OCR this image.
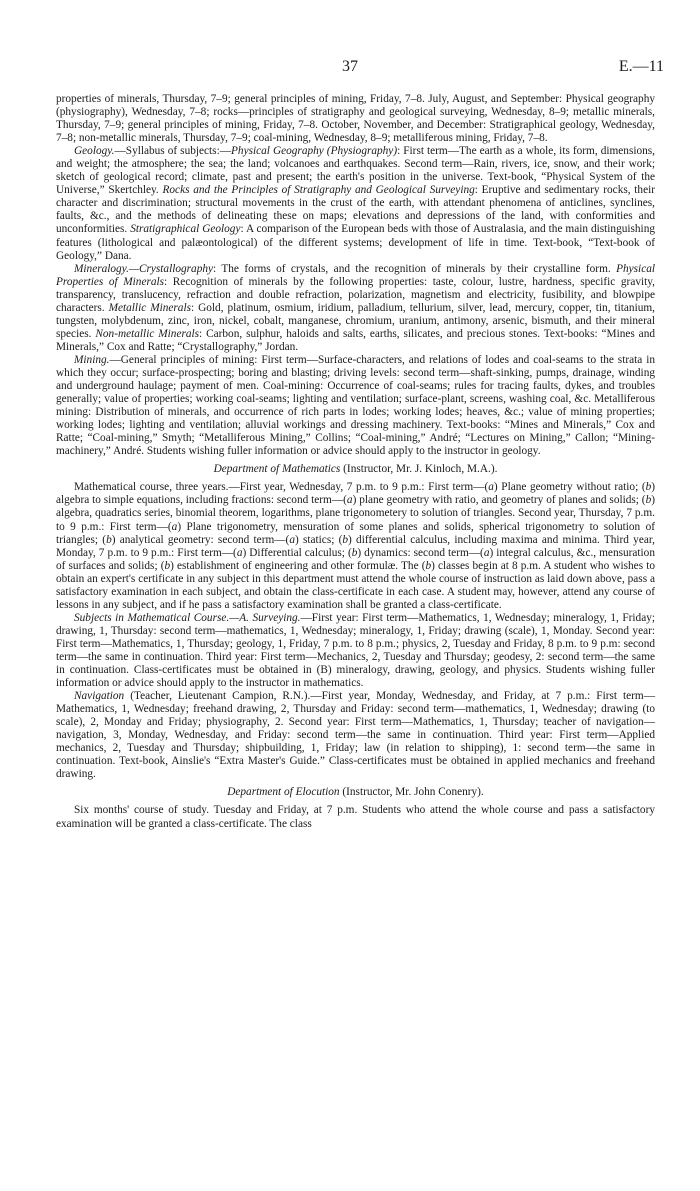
37	E.—11

properties of minerals, Thursday, 7–9; general principles of mining, Friday, 7–8. July, August, and September: Physical geography (physiography), Wednesday, 7–8; rocks—principles of stratigraphy and geological surveying, Wednesday, 8–9; metallic minerals, Thursday, 7–9; general principles of mining, Friday, 7–8. October, November, and December: Stratigraphical geology, Wednesday, 7–8; non-metallic minerals, Thursday, 7–9; coal-mining, Wednesday, 8–9; metalliferous mining, Friday, 7–8.

Geology.—Syllabus of subjects:—Physical Geography (Physiography): First term—The earth as a whole, its form, dimensions, and weight; the atmosphere; the sea; the land; volcanoes and earthquakes. Second term—Rain, rivers, ice, snow, and their work; sketch of geological record; climate, past and present; the earth's position in the universe. Text-book, “Physical System of the Universe,” Skertchley. Rocks and the Principles of Stratigraphy and Geological Surveying: Eruptive and sedimentary rocks, their character and discrimination; structural movements in the crust of the earth, with attendant phenomena of anticlines, synclines, faults, &c., and the methods of delineating these on maps; elevations and depressions of the land, with conformities and unconformities. Stratigraphical Geology: A comparison of the European beds with those of Australasia, and the main distinguishing features (lithological and palæontological) of the different systems; development of life in time. Text-book, “Text-book of Geology,” Dana.

Mineralogy.—Crystallography: The forms of crystals, and the recognition of minerals by their crystalline form. Physical Properties of Minerals: Recognition of minerals by the following properties: taste, colour, lustre, hardness, specific gravity, transparency, translucency, refraction and double refraction, polarization, magnetism and electricity, fusibility, and blowpipe characters. Metallic Minerals: Gold, platinum, osmium, iridium, palladium, tellurium, silver, lead, mercury, copper, tin, titanium, tungsten, molybdenum, zinc, iron, nickel, cobalt, manganese, chromium, uranium, antimony, arsenic, bismuth, and their mineral species. Non-metallic Minerals: Carbon, sulphur, haloids and salts, earths, silicates, and precious stones. Text-books: “Mines and Minerals,” Cox and Ratte; “Crystallography,” Jordan.

Mining.—General principles of mining: First term—Surface-characters, and relations of lodes and coal-seams to the strata in which they occur; surface-prospecting; boring and blasting; driving levels: second term—shaft-sinking, pumps, drainage, winding and underground haulage; payment of men. Coal-mining: Occurrence of coal-seams; rules for tracing faults, dykes, and troubles generally; value of properties; working coal-seams; lighting and ventilation; surface-plant, screens, washing coal, &c. Metalliferous mining: Distribution of minerals, and occurrence of rich parts in lodes; working lodes; heaves, &c.; value of mining properties; working lodes; lighting and ventilation; alluvial workings and dressing machinery. Text-books: “Mines and Minerals,” Cox and Ratte; “Coal-mining,” Smyth; “Metalliferous Mining,” Collins; “Coal-mining,” André; “Lectures on Mining,” Callon; “Mining-machinery,” André. Students wishing fuller information or advice should apply to the instructor in geology.

Department of Mathematics (Instructor, Mr. J. Kinloch, M.A.).

Mathematical course, three years.—First year, Wednesday, 7 p.m. to 9 p.m.: First term—(a) Plane geometry without ratio; (b) algebra to simple equations, including fractions: second term—(a) plane geometry with ratio, and geometry of planes and solids; (b) algebra, quadratics series, binomial theorem, logarithms, plane trigonometery to solution of triangles. Second year, Thursday, 7 p.m. to 9 p.m.: First term—(a) Plane trigonometry, mensuration of some planes and solids, spherical trigonometry to solution of triangles; (b) analytical geometry: second term—(a) statics; (b) differential calculus, including maxima and minima. Third year, Monday, 7 p.m. to 9 p.m.: First term—(a) Differential calculus; (b) dynamics: second term—(a) integral calculus, &c., mensuration of surfaces and solids; (b) establishment of engineering and other formulæ. The (b) classes begin at 8 p.m. A student who wishes to obtain an expert's certificate in any subject in this department must attend the whole course of instruction as laid down above, pass a satisfactory examination in each subject, and obtain the class-certificate in each case. A student may, however, attend any course of lessons in any subject, and if he pass a satisfactory examination shall be granted a class-certificate.

Subjects in Mathematical Course.—A. Surveying.—First year: First term—Mathematics, 1, Wednesday; mineralogy, 1, Friday; drawing, 1, Thursday: second term—mathematics, 1, Wednesday; mineralogy, 1, Friday; drawing (scale), 1, Monday. Second year: First term—Mathematics, 1, Thursday; geology, 1, Friday, 7 p.m. to 8 p.m.; physics, 2, Tuesday and Friday, 8 p.m. to 9 p.m: second term—the same in continuation. Third year: First term—Mechanics, 2, Tuesday and Thursday; geodesy, 2: second term—the same in continuation. Class-certificates must be obtained in (B) mineralogy, drawing, geology, and physics. Students wishing fuller information or advice should apply to the instructor in mathematics.

Navigation (Teacher, Lieutenant Campion, R.N.).—First year, Monday, Wednesday, and Friday, at 7 p.m.: First term—Mathematics, 1, Wednesday; freehand drawing, 2, Thursday and Friday: second term—mathematics, 1, Wednesday; drawing (to scale), 2, Monday and Friday; physiography, 2. Second year: First term—Mathematics, 1, Thursday; teacher of navigation—navigation, 3, Monday, Wednesday, and Friday: second term—the same in continuation. Third year: First term—Applied mechanics, 2, Tuesday and Thursday; shipbuilding, 1, Friday; law (in relation to shipping), 1: second term—the same in continuation. Text-book, Ainslie's “Extra Master's Guide.” Class-certificates must be obtained in applied mechanics and freehand drawing.

Department of Elocution (Instructor, Mr. John Conenry).

Six months' course of study. Tuesday and Friday, at 7 p.m. Students who attend the whole course and pass a satisfactory examination will be granted a class-certificate. The class
